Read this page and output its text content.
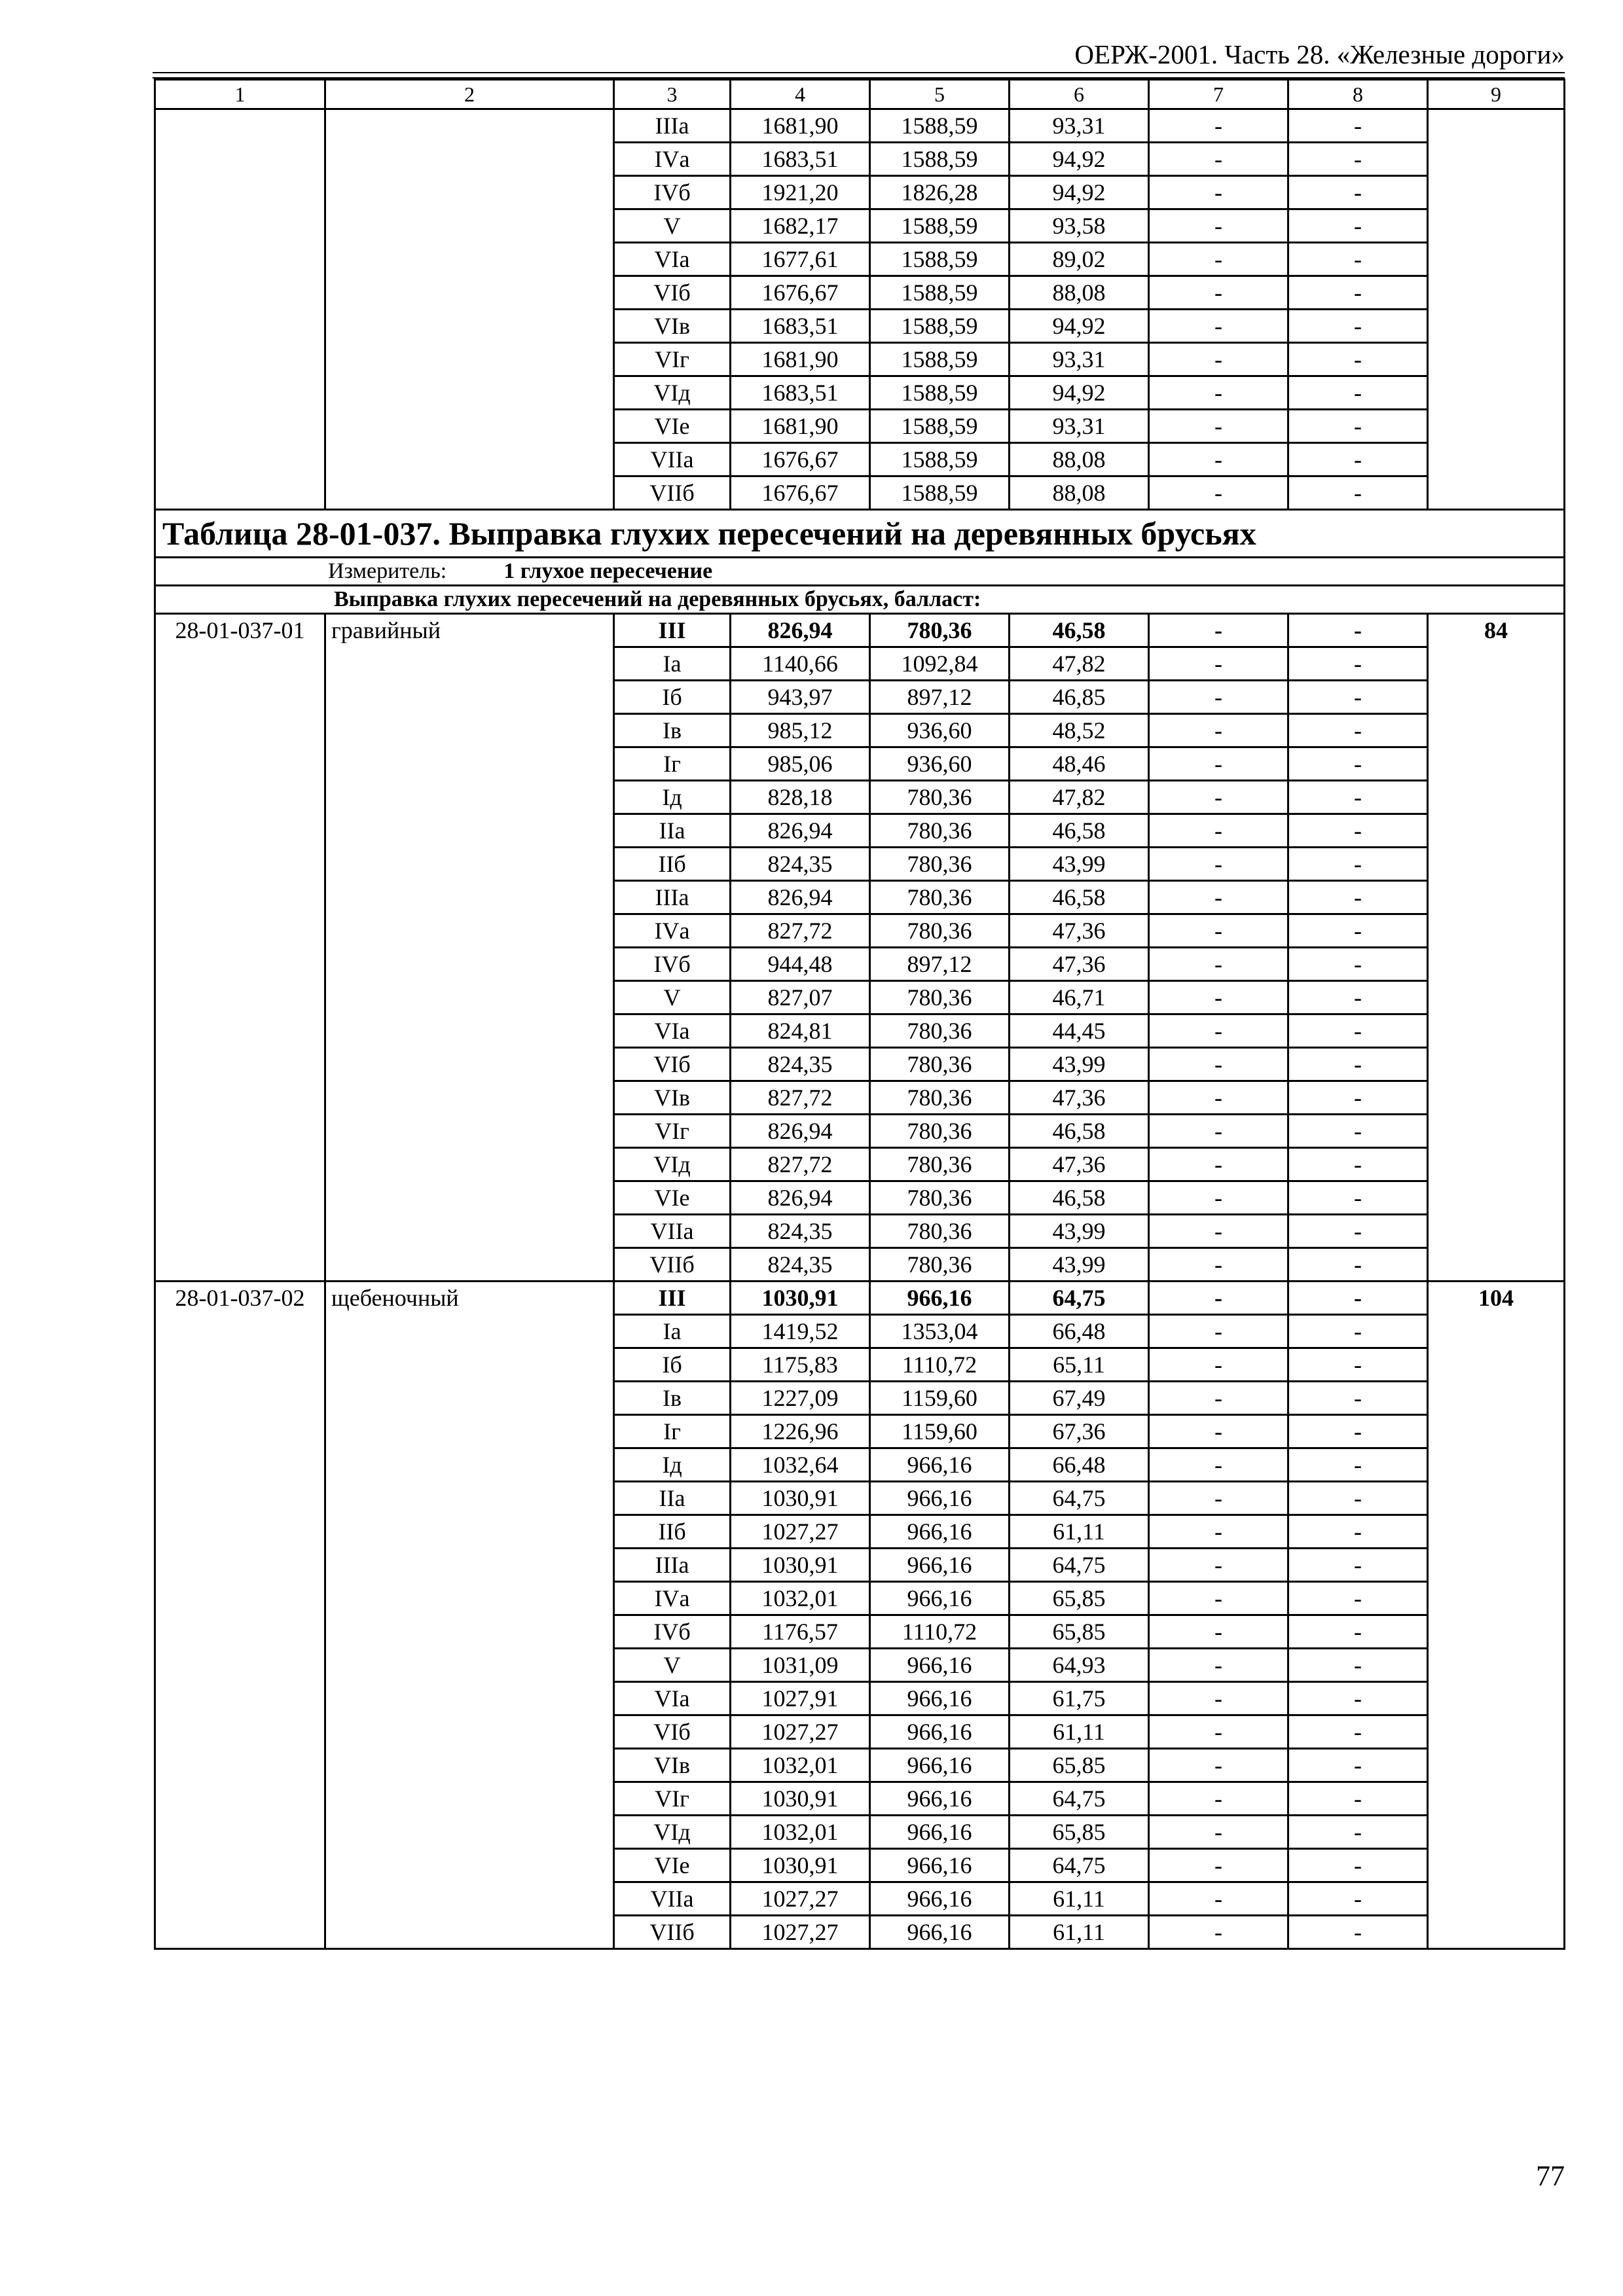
ОЕРЖ-2001. Часть 28. «Железные дороги»
1	2	3	4	5	6	7	8	9
		IIIа	1681,90	1588,59	93,31	-	-	
		IVа	1683,51	1588,59	94,92	-	-	
		IVб	1921,20	1826,28	94,92	-	-	
		V	1682,17	1588,59	93,58	-	-	
		VIа	1677,61	1588,59	89,02	-	-	
		VIб	1676,67	1588,59	88,08	-	-	
		VIв	1683,51	1588,59	94,92	-	-	
		VIг	1681,90	1588,59	93,31	-	-	
		VIд	1683,51	1588,59	94,92	-	-	
		VIе	1681,90	1588,59	93,31	-	-	
		VIIа	1676,67	1588,59	88,08	-	-	
		VIIб	1676,67	1588,59	88,08	-	-	
Таблица 28-01-037. Выправка глухих пересечений на деревянных брусьях								
Измеритель: 1 глухое пересечение								
Выправка глухих пересечений на деревянных брусьях, балласт:								
28-01-037-01	гравийный	III	826,94	780,36	46,58	-	-	84
		Iа	1140,66	1092,84	47,82	-	-	
		Iб	943,97	897,12	46,85	-	-	
		Iв	985,12	936,60	48,52	-	-	
		Iг	985,06	936,60	48,46	-	-	
		Iд	828,18	780,36	47,82	-	-	
		IIа	826,94	780,36	46,58	-	-	
		IIб	824,35	780,36	43,99	-	-	
		IIIа	826,94	780,36	46,58	-	-	
		IVа	827,72	780,36	47,36	-	-	
		IVб	944,48	897,12	47,36	-	-	
		V	827,07	780,36	46,71	-	-	
		VIа	824,81	780,36	44,45	-	-	
		VIб	824,35	780,36	43,99	-	-	
		VIв	827,72	780,36	47,36	-	-	
		VIг	826,94	780,36	46,58	-	-	
		VIд	827,72	780,36	47,36	-	-	
		VIе	826,94	780,36	46,58	-	-	
		VIIа	824,35	780,36	43,99	-	-	
		VIIб	824,35	780,36	43,99	-	-	
28-01-037-02	щебеночный	III	1030,91	966,16	64,75	-	-	104
		Iа	1419,52	1353,04	66,48	-	-	
		Iб	1175,83	1110,72	65,11	-	-	
		Iв	1227,09	1159,60	67,49	-	-	
		Iг	1226,96	1159,60	67,36	-	-	
		Iд	1032,64	966,16	66,48	-	-	
		IIа	1030,91	966,16	64,75	-	-	
		IIб	1027,27	966,16	61,11	-	-	
		IIIа	1030,91	966,16	64,75	-	-	
		IVа	1032,01	966,16	65,85	-	-	
		IVб	1176,57	1110,72	65,85	-	-	
		V	1031,09	966,16	64,93	-	-	
		VIа	1027,91	966,16	61,75	-	-	
		VIб	1027,27	966,16	61,11	-	-	
		VIв	1032,01	966,16	65,85	-	-	
		VIг	1030,91	966,16	64,75	-	-	
		VIд	1032,01	966,16	65,85	-	-	
		VIе	1030,91	966,16	64,75	-	-	
		VIIа	1027,27	966,16	61,11	-	-	
		VIIб	1027,27	966,16	61,11	-	-	
77
